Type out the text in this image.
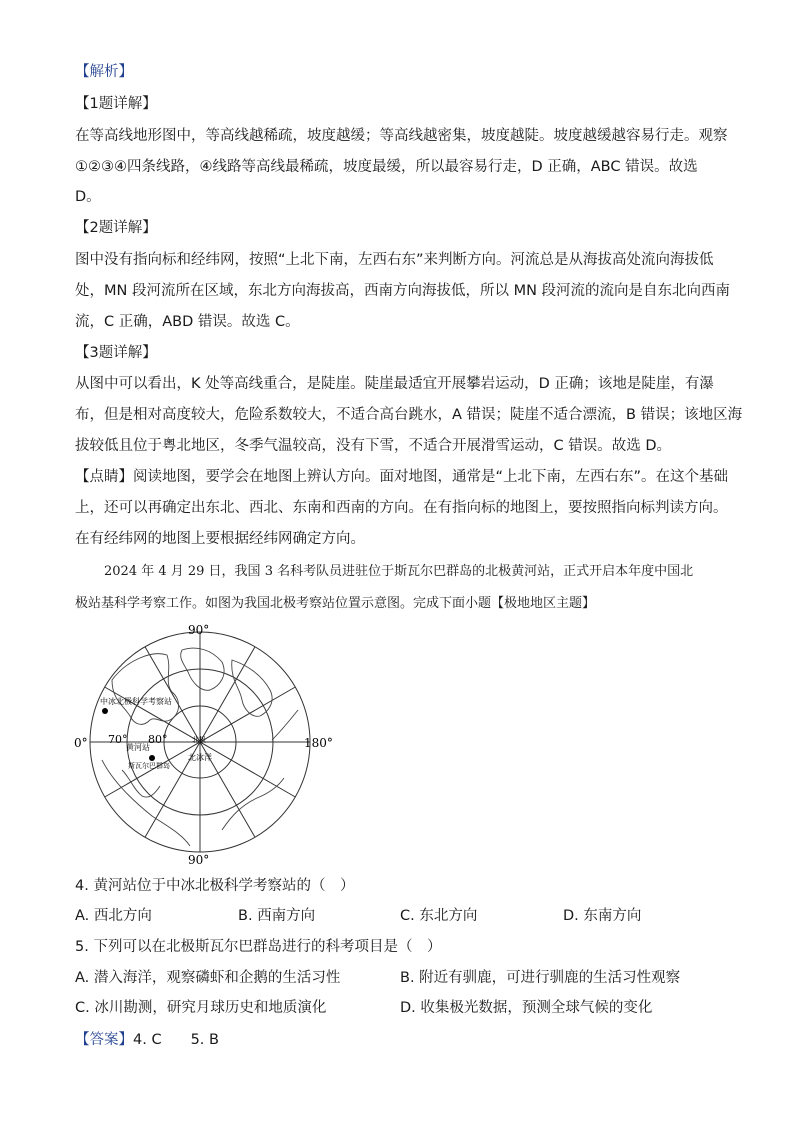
【解析】
【1题详解】
在等高线地形图中，等高线越稀疏，坡度越缓；等高线越密集，坡度越陡。坡度越缓越容易行走。观察
①②③④四条线路，④线路等高线最稀疏，坡度最缓，所以最容易行走，D 正确，ABC 错误。故选
D。
【2题详解】
图中没有指向标和经纬网，按照“上北下南，左西右东”来判断方向。河流总是从海拔高处流向海拔低
处，MN 段河流所在区域，东北方向海拔高，西南方向海拔低，所以 MN 段河流的流向是自东北向西南
流，C 正确，ABD 错误。故选 C。
【3题详解】
从图中可以看出，K 处等高线重合，是陡崖。陡崖最适宜开展攀岩运动，D 正确；该地是陡崖，有瀑
布，但是相对高度较大，危险系数较大，不适合高台跳水，A 错误；陡崖不适合漂流，B 错误；该地区海
拔较低且位于粤北地区，冬季气温较高，没有下雪，不适合开展滑雪运动，C 错误。故选 D。
【点睛】阅读地图，要学会在地图上辨认方向。面对地图，通常是“上北下南，左西右东”。在这个基础
上，还可以再确定出东北、西北、东南和西南的方向。在有指向标的地图上，要按照指向标判读方向。
在有经纬网的地图上要根据经纬网确定方向。
2024 年 4 月 29 日，我国 3 名科考队员进驻位于斯瓦尔巴群岛的北极黄河站，正式开启本年度中国北
极站基科学考察工作。如图为我国北极考察站位置示意图。完成下面小题【极地地区主题】
90°
90°
0°	180°
70° 80°
中冰北极科学考察站
黄河站
斯瓦尔巴群岛
北极
北冰洋
4. 黄河站位于中冰北极科学考察站的（　）
A. 西北方向	B. 西南方向	C. 东北方向	D. 东南方向
5. 下列可以在北极斯瓦尔巴群岛进行的科考项目是（　）
A. 潜入海洋，观察磷虾和企鹅的生活习性	B. 附近有驯鹿，可进行驯鹿的生活习性观察
C. 冰川勘测，研究月球历史和地质演化	D. 收集极光数据，预测全球气候的变化
【答案】4. C　　5. B
